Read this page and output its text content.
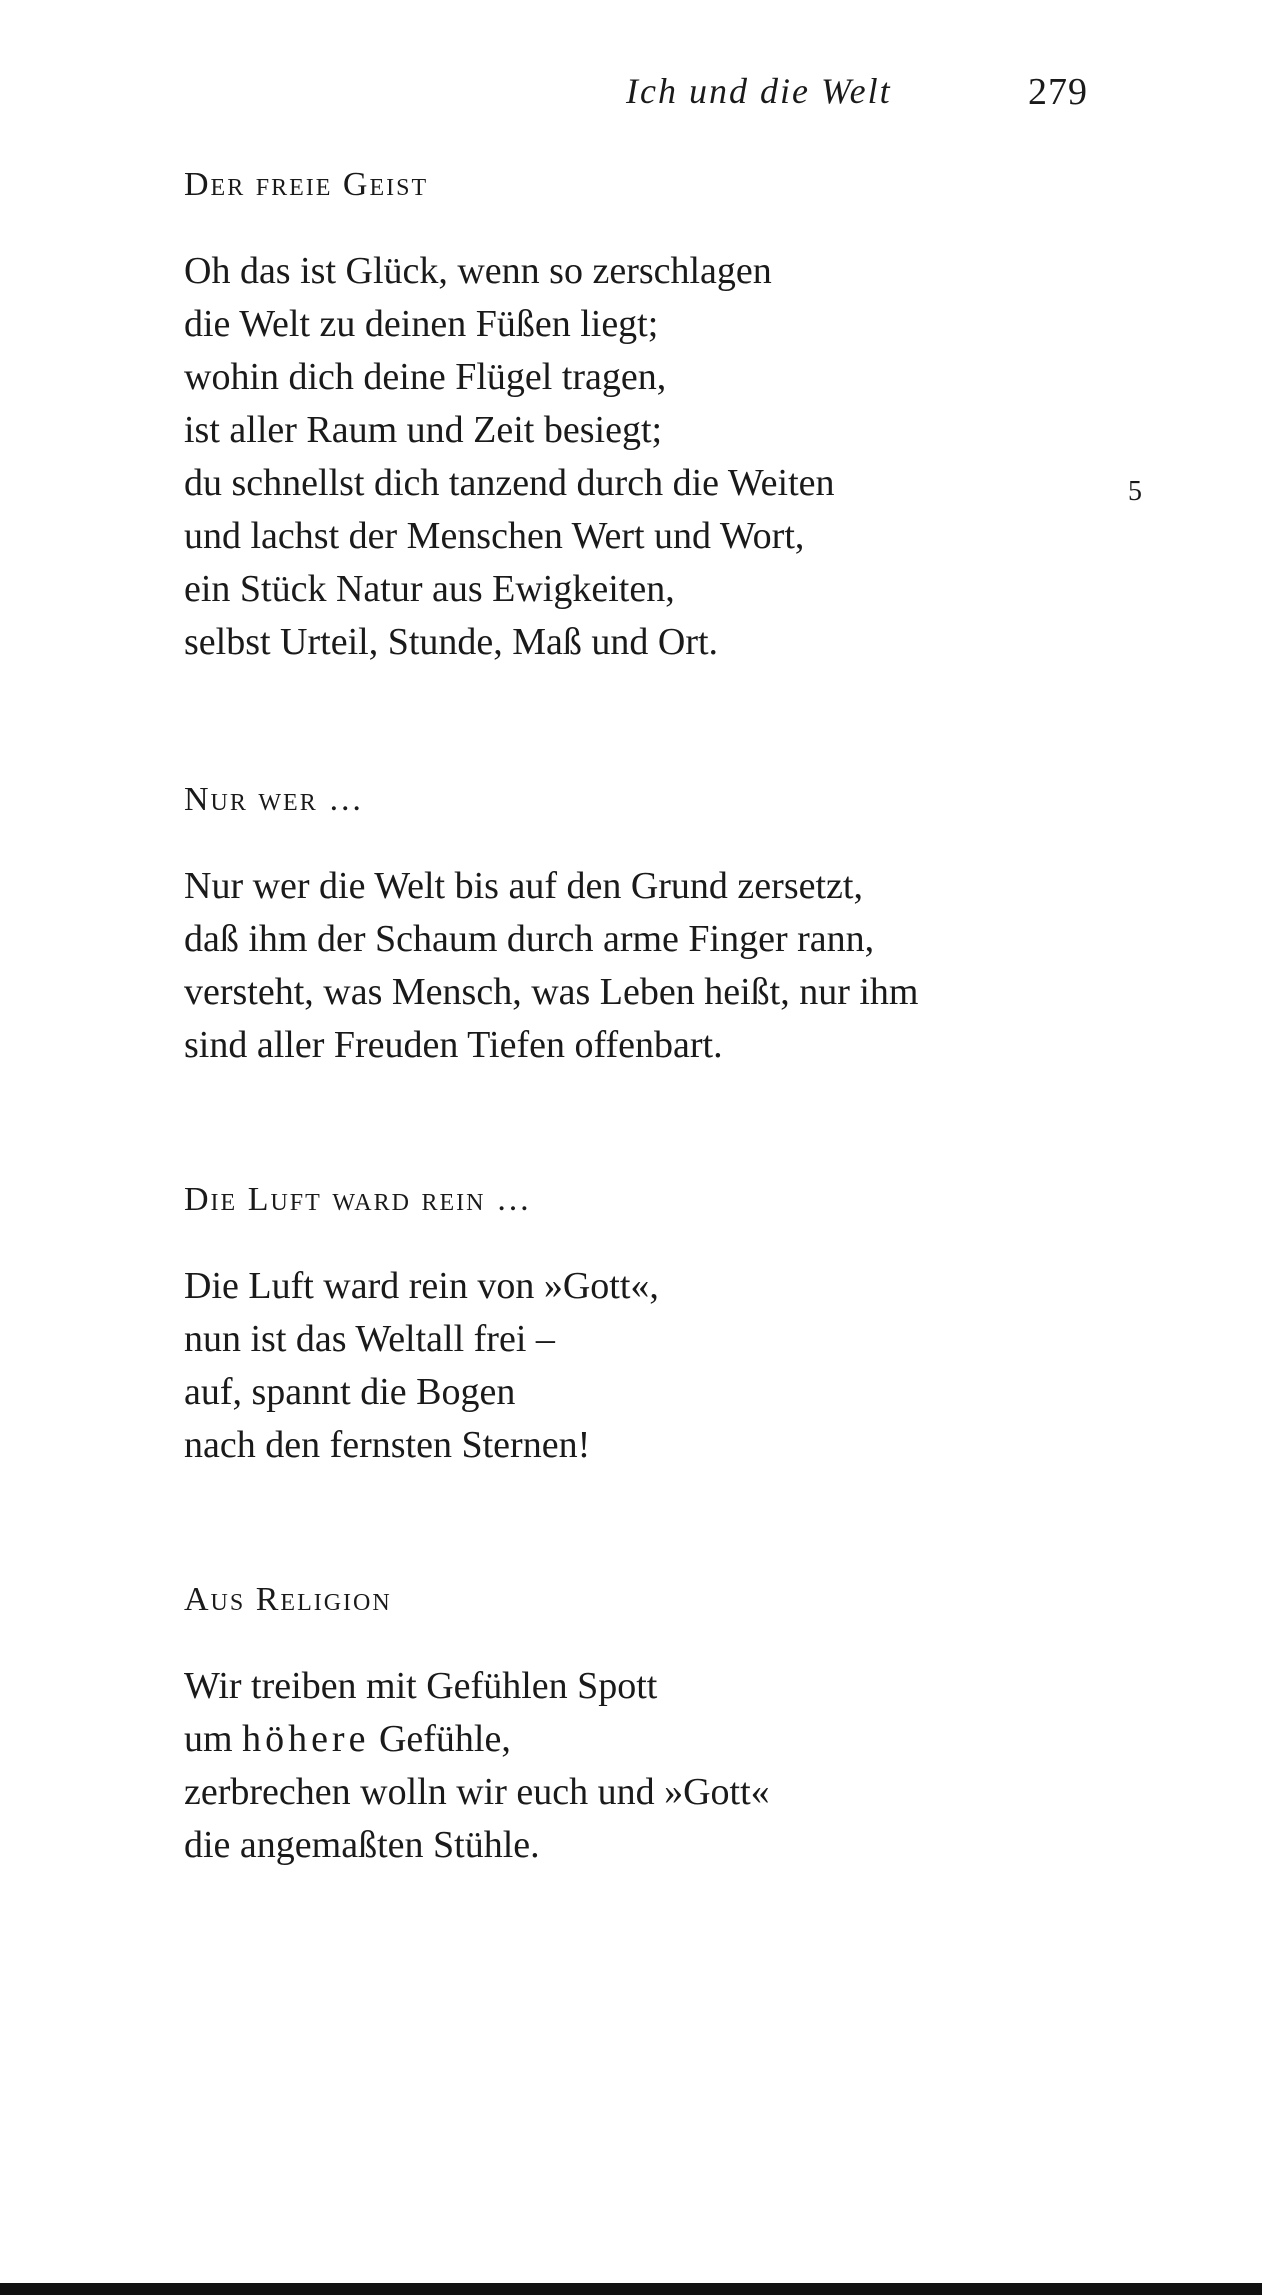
Ich und die Welt	279
Der freie Geist
Oh das ist Glück, wenn so zerschlagen
die Welt zu deinen Füßen liegt;
wohin dich deine Flügel tragen,
ist aller Raum und Zeit besiegt;
du schnellst dich tanzend durch die Weiten	5
und lachst der Menschen Wert und Wort,
ein Stück Natur aus Ewigkeiten,
selbst Urteil, Stunde, Maß und Ort.
Nur wer …
Nur wer die Welt bis auf den Grund zersetzt,
daß ihm der Schaum durch arme Finger rann,
versteht, was Mensch, was Leben heißt, nur ihm
sind aller Freuden Tiefen offenbart.
Die Luft ward rein …
Die Luft ward rein von »Gott«,
nun ist das Weltall frei –
auf, spannt die Bogen
nach den fernsten Sternen!
Aus Religion
Wir treiben mit Gefühlen Spott
um höhere Gefühle,
zerbrechen wolln wir euch und »Gott«
die angemaßten Stühle.
